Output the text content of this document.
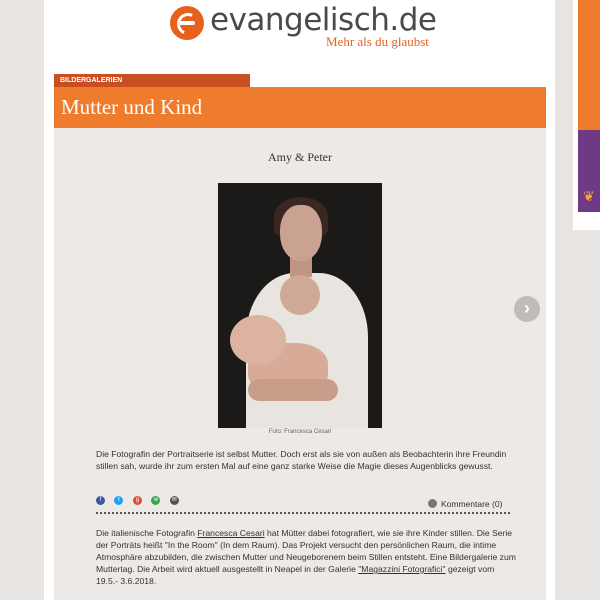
evangelisch.de
Mehr als du glaubst
BILDERGALERIEN
Mutter und Kind
Amy & Peter
Foto: Francesca Cesari
›
Die Fotografin der Portraitserie ist selbst Mutter. Doch erst als sie von außen als Beobachterin ihre Freundin stillen sah, wurde ihr zum ersten Mal auf eine ganz starke Weise die Magie dieses Augenblicks gewusst.
f	t	g w ✉	Kommentare (0)
Die italienische Fotografin Francesca Cesari hat Mütter dabei fotografiert, wie sie ihre Kinder stillen. Die Serie der Porträts heißt "In the Room" (In dem Raum). Das Projekt versucht den persönlichen Raum, die intime Atmosphäre abzubilden, die zwischen Mutter und Neugeborenem beim Stillen entsteht. Eine Bildergalerie zum Muttertag. Die Arbeit wird aktuell ausgestellt in Neapel in der Galerie "Magazzini Fotografici" gezeigt vom 19.5.- 3.6.2018.
❦
